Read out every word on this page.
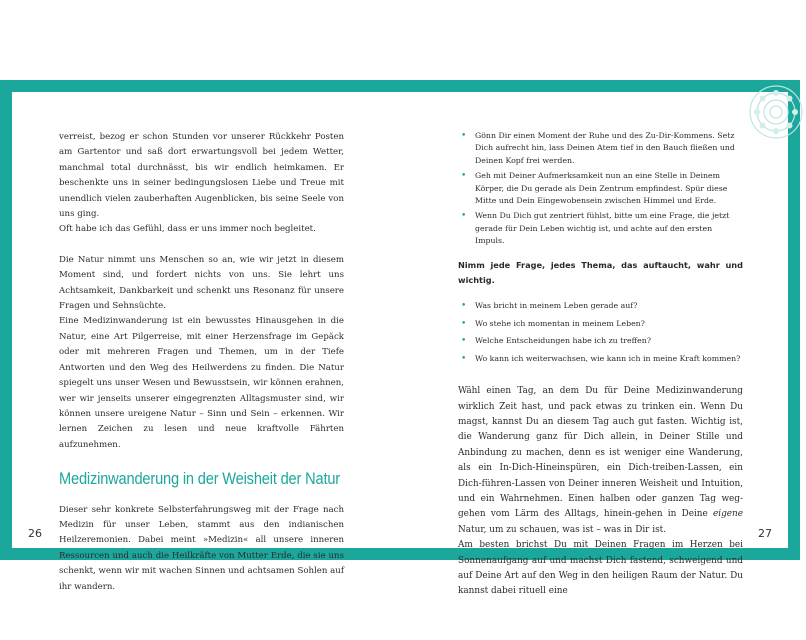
verreist, bezog er schon Stunden vor unserer Rückkehr Posten am Gartentor und saß dort erwartungsvoll bei jedem Wetter, manchmal total durchnässt, bis wir endlich heimkamen. Er beschenkte uns in seiner bedingungslosen Liebe und Treue mit unendlich vielen zauberhaften Augenblicken, bis seine Seele von uns ging.

Oft habe ich das Gefühl, dass er uns immer noch begleitet.

Die Natur nimmt uns Menschen so an, wie wir jetzt in diesem Moment sind, und fordert nichts von uns. Sie lehrt uns Achtsamkeit, Dankbarkeit und schenkt uns Resonanz für unsere Fragen und Sehnsüchte.

Eine Medizinwanderung ist ein bewusstes Hinausgehen in die Natur, eine Art Pilgerreise, mit einer Herzensfrage im Gepäck oder mit mehreren Fragen und Themen, um in der Tiefe Antworten und den Weg des Heilwerdens zu finden. Die Natur spiegelt uns unser Wesen und Bewusstsein, wir können erahnen, wer wir jenseits unserer eingegrenzten Alltagsmuster sind, wir können unsere ureigene Natur – Sinn und Sein – erkennen. Wir lernen Zeichen zu lesen und neue kraftvolle Fährten aufzunehmen.

Medizinwanderung in der Weisheit der Natur

Dieser sehr konkrete Selbsterfahrungsweg mit der Frage nach Medizin für unser Leben, stammt aus den indianischen Heilzeremonien. Dabei meint »Medizin« all unsere inneren Ressourcen und auch die Heilkräfte von Mutter Erde, die sie uns schenkt, wenn wir mit wachen Sinnen und achtsamen Sohlen auf ihr wandern.

26
• Gönn Dir einen Moment der Ruhe und des Zu-Dir-Kommens. Setz Dich aufrecht hin, lass Deinen Atem tief in den Bauch fließen und Deinen Kopf frei werden.
• Geh mit Deiner Aufmerksamkeit nun an eine Stelle in Deinem Körper, die Du gerade als Dein Zentrum empfindest. Spür diese Mitte und Dein Eingewobensein zwischen Himmel und Erde.
• Wenn Du Dich gut zentriert fühlst, bitte um eine Frage, die jetzt gerade für Dein Leben wichtig ist, und achte auf den ersten Impuls.

Nimm jede Frage, jedes Thema, das auftaucht, wahr und wichtig.

• Was bricht in meinem Leben gerade auf?
• Wo stehe ich momentan in meinem Leben?
• Welche Entscheidungen habe ich zu treffen?
• Wo kann ich weiterwachsen, wie kann ich in meine Kraft kommen?

Wähl einen Tag, an dem Du für Deine Medizinwanderung wirklich Zeit hast, und pack etwas zu trinken ein. Wenn Du magst, kannst Du an diesem Tag auch gut fasten. Wichtig ist, die Wanderung ganz für Dich allein, in Deiner Stille und Anbindung zu machen, denn es ist weniger eine Wanderung, als ein In-Dich-Hineinspüren, ein Dich-treiben-Lassen, ein Dich-führen-Lassen von Deiner inneren Weisheit und Intuition, und ein Wahrnehmen. Einen halben oder ganzen Tag weg-gehen vom Lärm des Alltags, hinein-gehen in Deine eigene Natur, um zu schauen, was ist – was in Dir ist.

Am besten brichst Du mit Deinen Fragen im Herzen bei Sonnenaufgang auf und machst Dich fastend, schweigend und auf Deine Art auf den Weg in den heiligen Raum der Natur. Du kannst dabei rituell eine

27
